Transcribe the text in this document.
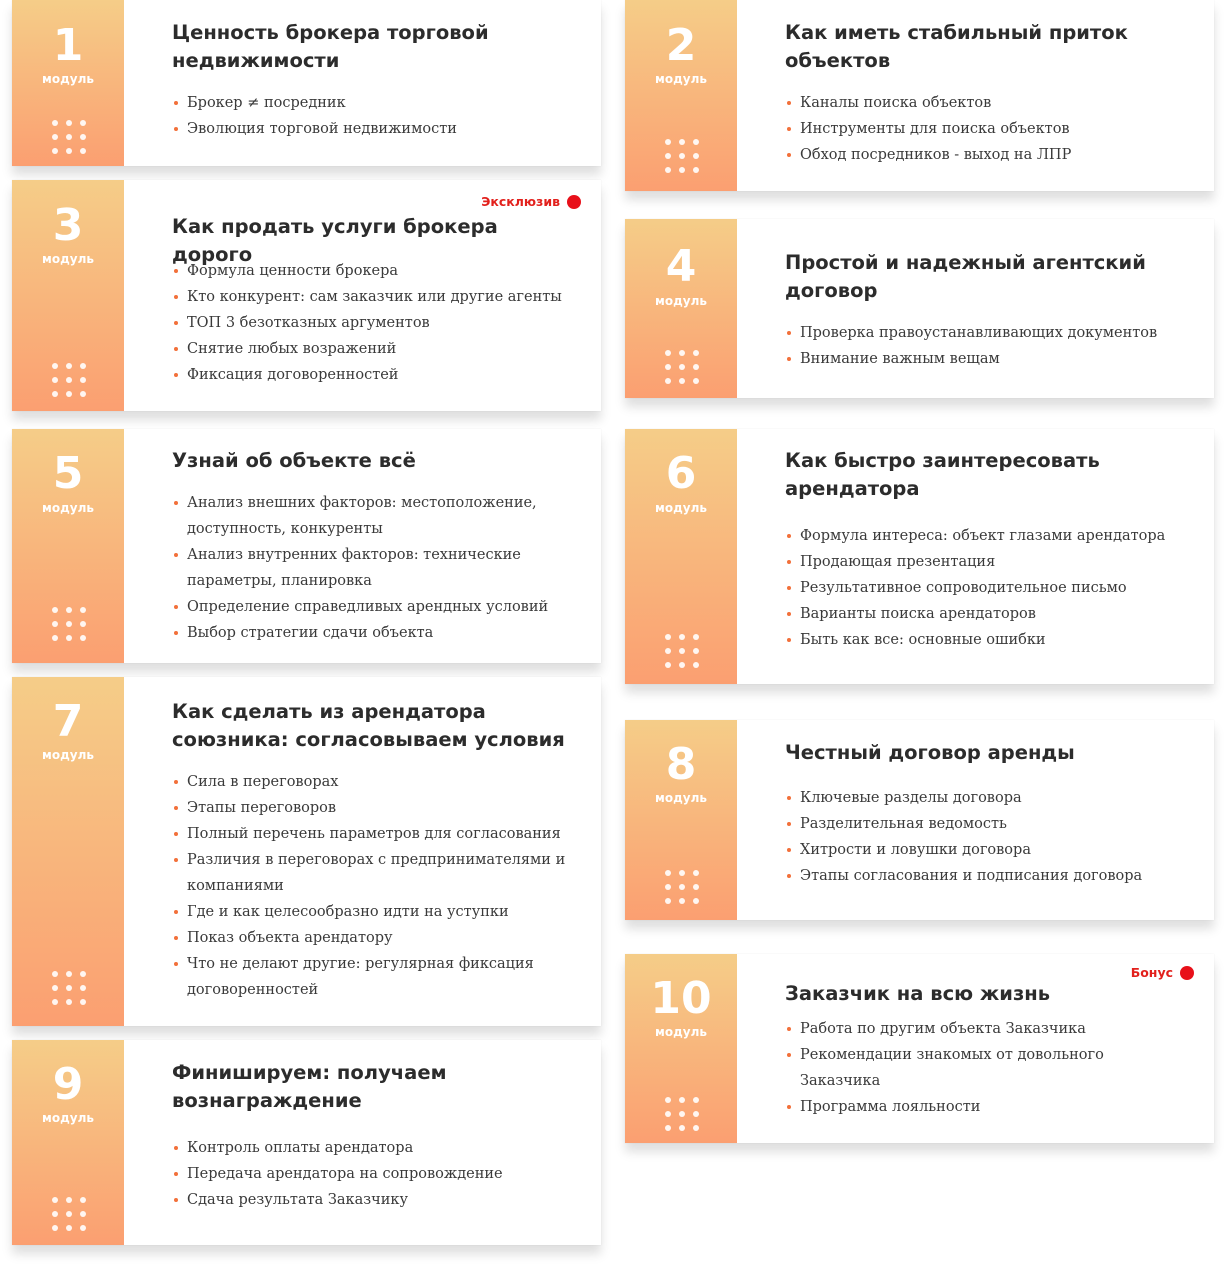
1
модуль
Ценность брокера торговой недвижимости
Брокер ≠ посредник
Эволюция торговой недвижимости
2
модуль
Как иметь стабильный приток объектов
Каналы поиска объектов
Инструменты для поиска объектов
Обход посредников - выход на ЛПР
3
модуль
Эксклюзив
Как продать услуги брокера дорого
Формула ценности брокера
Кто конкурент: сам заказчик или другие агенты
ТОП 3 безотказных аргументов
Снятие любых возражений
Фиксация договоренностей
4
модуль
Простой и надежный агентский договор
Проверка правоустанавливающих документов
Внимание важным вещам
5
модуль
Узнай об объекте всё
Анализ внешних факторов: местоположение, доступность, конкуренты
Анализ внутренних факторов: технические параметры, планировка
Определение справедливых арендных условий
Выбор стратегии сдачи объекта
6
модуль
Как быстро заинтересовать арендатора
Формула интереса: объект глазами арендатора
Продающая презентация
Результативное сопроводительное письмо
Варианты поиска арендаторов
Быть как все: основные ошибки
7
модуль
Как сделать из арендатора союзника: согласовываем условия
Сила в переговорах
Этапы переговоров
Полный перечень параметров для согласования
Различия в переговорах с предпринимателями и компаниями
Где и как целесообразно идти на уступки
Показ объекта арендатору
Что не делают другие: регулярная фиксация договоренностей
8
модуль
Честный договор аренды
Ключевые разделы договора
Разделительная ведомость
Хитрости и ловушки договора
Этапы согласования и подписания договора
9
модуль
Финишируем: получаем вознаграждение
Контроль оплаты арендатора
Передача арендатора на сопровождение
Сдача результата Заказчику
10
модуль
Бонус
Заказчик на всю жизнь
Работа по другим объекта Заказчика
Рекомендации знакомых от довольного Заказчика
Программа лояльности
